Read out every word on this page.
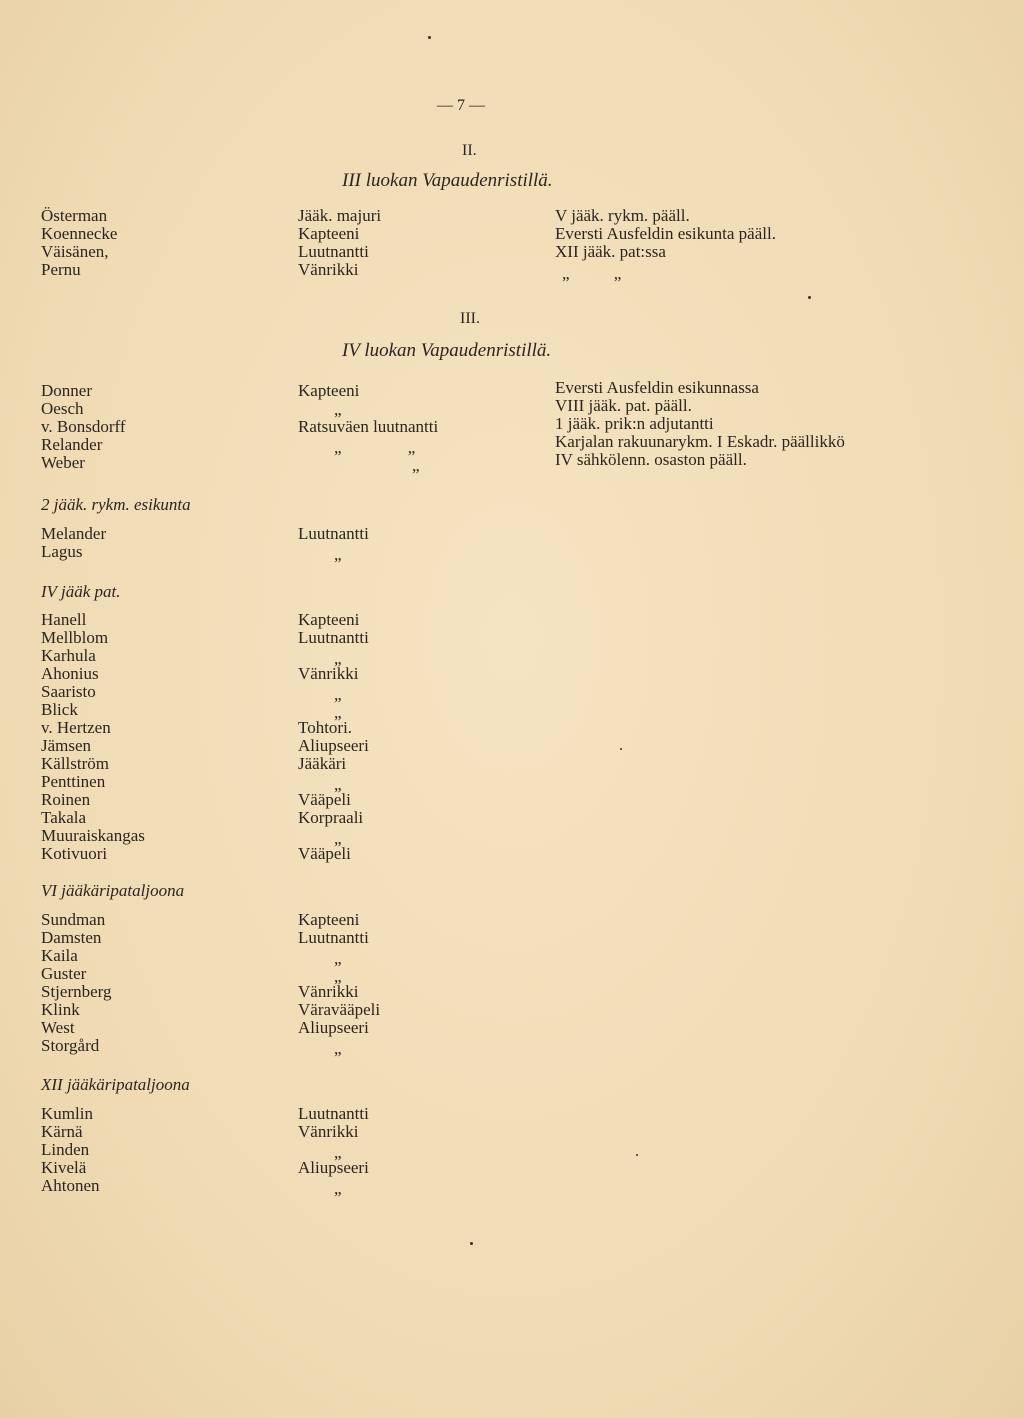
— 7 —
II.
III luokan Vapaudenristillä.
Österman	Jääk. majuri	V jääk. rykm. pääll.
Koennecke	Kapteeni	Eversti Ausfeldin esikunta pääll.
Väisänen,	Luutnantti	XII jääk. pat:ssa
Pernu	Vänrikki	„ „
III.
IV luokan Vapaudenristillä.
Donner	Kapteeni	Eversti Ausfeldin esikunnassa
Oesch	„	VIII jääk. pat. pääll.
v. Bonsdorff	Ratsuväen luutnantti	1 jääk. prik:n adjutantti
Relander	„ „	Karjalan rakuunarykm. I Eskadr. päällikkö
Weber	„	IV sähkölenn. osaston pääll.
2 jääk. rykm. esikunta
Melander	Luutnantti
Lagus	„
IV jääk pat.
Hanell	Kapteeni
Mellblom	Luutnantti
Karhula	„
Ahonius	Vänrikki
Saaristo	„
Blick	„
v. Hertzen	Tohtori.
Jämsen	Aliupseeri
Källström	Jääkäri
Penttinen	„
Roinen	Vääpeli
Takala	Korpraali
Muuraiskangas	„
Kotivuori	Vääpeli
VI jääkäripataljoona
Sundman	Kapteeni
Damsten	Luutnantti
Kaila	„
Guster	„
Stjernberg	Vänrikki
Klink	Väravääpeli
West	Aliupseeri
Storgård	„
XII jääkäripataljoona
Kumlin	Luutnantti
Kärnä	Vänrikki
Linden	„
Kivelä	Aliupseeri
Ahtonen	„
